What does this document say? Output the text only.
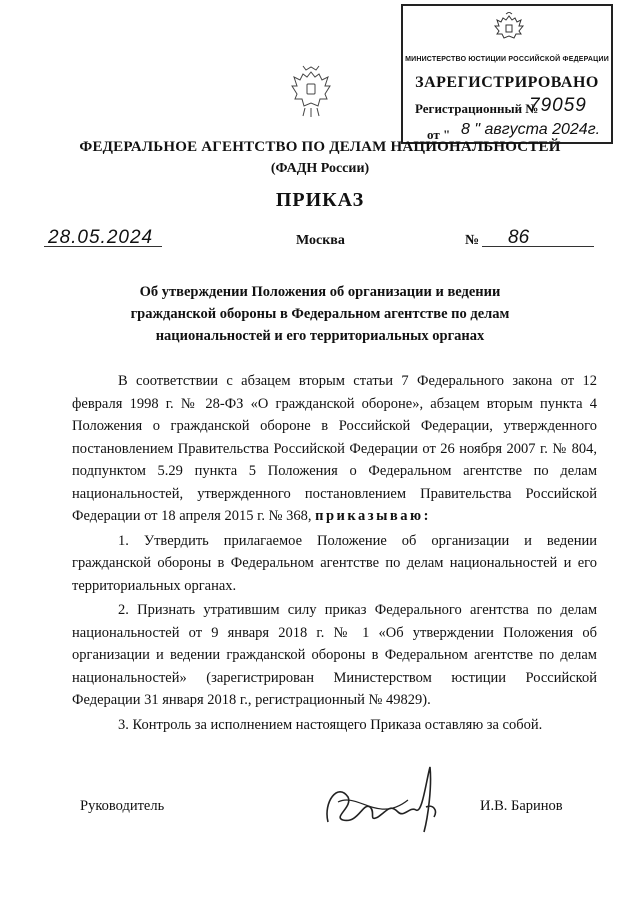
МИНИСТЕРСТВО ЮСТИЦИИ РОССИЙСКОЙ ФЕДЕРАЦИИ
ЗАРЕГИСТРИРОВАНО
Регистрационный №
79059
от " 8 " августа 2024г.
ФЕДЕРАЛЬНОЕ АГЕНТСТВО ПО ДЕЛАМ НАЦИОНАЛЬНОСТЕЙ
(ФАДН России)
ПРИКАЗ
28.05.2024	Москва	№ 86
Об утверждении Положения об организации и ведении гражданской обороны в Федеральном агентстве по делам национальностей и его территориальных органах

В соответствии с абзацем вторым статьи 7 Федерального закона от 12 февраля 1998 г. № 28-ФЗ «О гражданской обороне», абзацем вторым пункта 4 Положения о гражданской обороне в Российской Федерации, утвержденного постановлением Правительства Российской Федерации от 26 ноября 2007 г. № 804, подпунктом 5.29 пункта 5 Положения о Федеральном агентстве по делам национальностей, утвержденного постановлением Правительства Российской Федерации от 18 апреля 2015 г. № 368, приказываю:

1. Утвердить прилагаемое Положение об организации и ведении гражданской обороны в Федеральном агентстве по делам национальностей и его территориальных органах.

2. Признать утратившим силу приказ Федерального агентства по делам национальностей от 9 января 2018 г. № 1 «Об утверждении Положения об организации и ведении гражданской обороны в Федеральном агентстве по делам национальностей» (зарегистрирован Министерством юстиции Российской Федерации 31 января 2018 г., регистрационный № 49829).

3. Контроль за исполнением настоящего Приказа оставляю за собой.

Руководитель	И.В. Баринов
